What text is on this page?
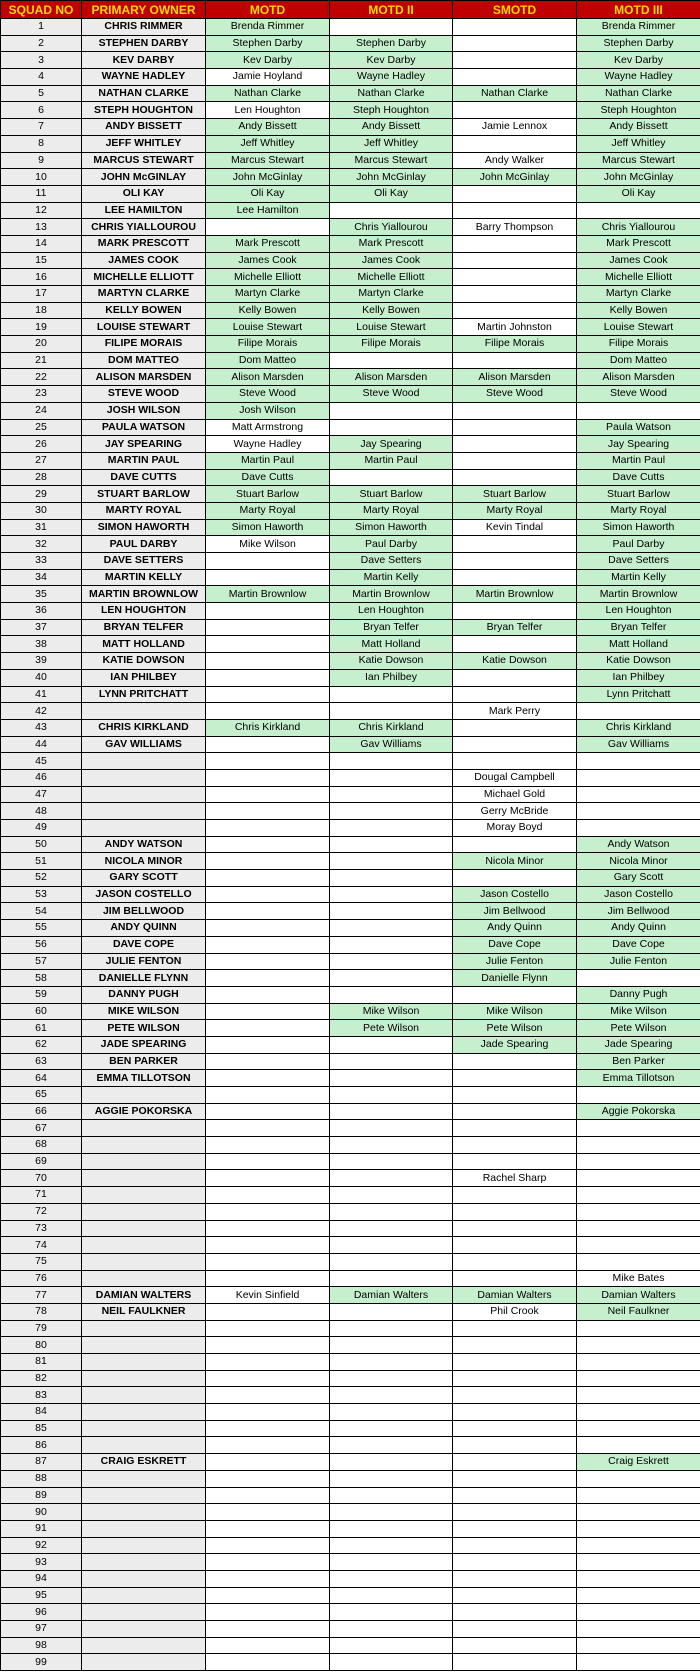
SQUAD NO	PRIMARY OWNER	MOTD	MOTD II	SMOTD	MOTD III
1	CHRIS RIMMER	Brenda Rimmer			Brenda Rimmer
2	STEPHEN DARBY	Stephen Darby	Stephen Darby		Stephen Darby
3	KEV DARBY	Kev Darby	Kev Darby		Kev Darby
4	WAYNE HADLEY	Jamie Hoyland	Wayne Hadley		Wayne Hadley
5	NATHAN CLARKE	Nathan Clarke	Nathan Clarke	Nathan Clarke	Nathan Clarke
6	STEPH HOUGHTON	Len Houghton	Steph Houghton		Steph Houghton
7	ANDY BISSETT	Andy Bissett	Andy Bissett	Jamie Lennox	Andy Bissett
8	JEFF WHITLEY	Jeff Whitley	Jeff Whitley		Jeff Whitley
9	MARCUS STEWART	Marcus Stewart	Marcus Stewart	Andy Walker	Marcus Stewart
10	JOHN McGINLAY	John McGinlay	John McGinlay	John McGinlay	John McGinlay
11	OLI KAY	Oli Kay	Oli Kay		Oli Kay
12	LEE HAMILTON	Lee Hamilton			
13	CHRIS YIALLOUROU		Chris Yiallourou	Barry Thompson	Chris Yiallourou
14	MARK PRESCOTT	Mark Prescott	Mark Prescott		Mark Prescott
15	JAMES COOK	James Cook	James Cook		James Cook
16	MICHELLE ELLIOTT	Michelle Elliott	Michelle Elliott		Michelle Elliott
17	MARTYN CLARKE	Martyn Clarke	Martyn Clarke		Martyn Clarke
18	KELLY BOWEN	Kelly Bowen	Kelly Bowen		Kelly Bowen
19	LOUISE STEWART	Louise Stewart	Louise Stewart	Martin Johnston	Louise Stewart
20	FILIPE MORAIS	Filipe Morais	Filipe Morais	Filipe Morais	Filipe Morais
21	DOM MATTEO	Dom Matteo			Dom Matteo
22	ALISON MARSDEN	Alison Marsden	Alison Marsden	Alison Marsden	Alison Marsden
23	STEVE WOOD	Steve Wood	Steve Wood	Steve Wood	Steve Wood
24	JOSH WILSON	Josh Wilson			
25	PAULA WATSON	Matt Armstrong			Paula Watson
26	JAY SPEARING	Wayne Hadley	Jay Spearing		Jay Spearing
27	MARTIN PAUL	Martin Paul	Martin Paul		Martin Paul
28	DAVE CUTTS	Dave Cutts			Dave Cutts
29	STUART BARLOW	Stuart Barlow	Stuart Barlow	Stuart Barlow	Stuart Barlow
30	MARTY ROYAL	Marty Royal	Marty Royal	Marty Royal	Marty Royal
31	SIMON HAWORTH	Simon Haworth	Simon Haworth	Kevin Tindal	Simon Haworth
32	PAUL DARBY	Mike Wilson	Paul Darby		Paul Darby
33	DAVE SETTERS		Dave Setters		Dave Setters
34	MARTIN KELLY		Martin Kelly		Martin Kelly
35	MARTIN BROWNLOW	Martin Brownlow	Martin Brownlow	Martin Brownlow	Martin Brownlow
36	LEN HOUGHTON		Len Houghton		Len Houghton
37	BRYAN TELFER		Bryan Telfer	Bryan Telfer	Bryan Telfer
38	MATT HOLLAND		Matt Holland		Matt Holland
39	KATIE DOWSON		Katie Dowson	Katie Dowson	Katie Dowson
40	IAN PHILBEY		Ian Philbey		Ian Philbey
41	LYNN PRITCHATT				Lynn Pritchatt
42				Mark Perry	
43	CHRIS KIRKLAND	Chris Kirkland	Chris Kirkland		Chris Kirkland
44	GAV WILLIAMS		Gav Williams		Gav Williams
45					
46				Dougal Campbell	
47				Michael Gold	
48				Gerry McBride	
49				Moray Boyd	
50	ANDY WATSON				Andy Watson
51	NICOLA MINOR			Nicola Minor	Nicola Minor
52	GARY SCOTT				Gary Scott
53	JASON COSTELLO			Jason Costello	Jason Costello
54	JIM BELLWOOD			Jim Bellwood	Jim Bellwood
55	ANDY QUINN			Andy Quinn	Andy Quinn
56	DAVE COPE			Dave Cope	Dave Cope
57	JULIE FENTON			Julie Fenton	Julie Fenton
58	DANIELLE FLYNN			Danielle Flynn	
59	DANNY PUGH				Danny Pugh
60	MIKE WILSON		Mike Wilson	Mike Wilson	Mike Wilson
61	PETE WILSON		Pete Wilson	Pete Wilson	Pete Wilson
62	JADE SPEARING			Jade Spearing	Jade Spearing
63	BEN PARKER				Ben Parker
64	EMMA TILLOTSON				Emma Tillotson
65					
66	AGGIE POKORSKA				Aggie Pokorska
67					
68					
69					
70				Rachel Sharp	
71					
72					
73					
74					
75					
76					Mike Bates
77	DAMIAN WALTERS	Kevin Sinfield	Damian Walters	Damian Walters	Damian Walters
78	NEIL FAULKNER			Phil Crook	Neil Faulkner
79					
80					
81					
82					
83					
84					
85					
86					
87	CRAIG ESKRETT				Craig Eskrett
88					
89					
90					
91					
92					
93					
94					
95					
96					
97					
98					
99					
